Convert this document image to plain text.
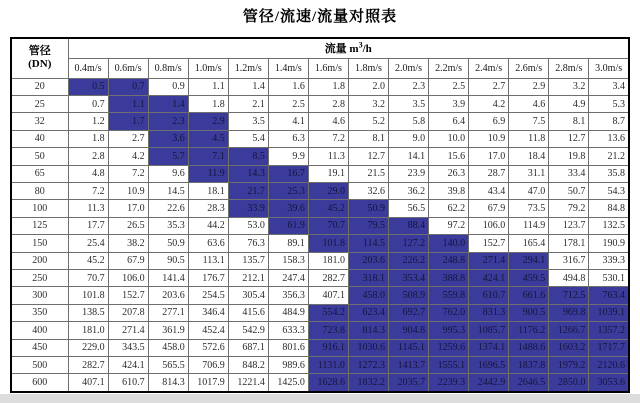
管径/流速/流量对照表
管径
(DN)	流量 $m^3/h$													
	0.4m/s	0.6m/s	0.8m/s	1.0m/s	1.2m/s	1.4m/s	1.6m/s	1.8m/s	2.0m/s	2.2m/s	2.4m/s	2.6m/s	2.8m/s	3.0m/s
20	0.5	0.7	0.9	1.1	1.4	1.6	1.8	2.0	2.3	2.5	2.7	2.9	3.2	3.4
25	0.7	1.1	1.4	1.8	2.1	2.5	2.8	3.2	3.5	3.9	4.2	4.6	4.9	5.3
32	1.2	1.7	2.3	2.9	3.5	4.1	4.6	5.2	5.8	6.4	6.9	7.5	8.1	8.7
40	1.8	2.7	3.6	4.5	5.4	6.3	7.2	8.1	9.0	10.0	10.9	11.8	12.7	13.6
50	2.8	4.2	5.7	7.1	8.5	9.9	11.3	12.7	14.1	15.6	17.0	18.4	19.8	21.2
65	4.8	7.2	9.6	11.9	14.3	16.7	19.1	21.5	23.9	26.3	28.7	31.1	33.4	35.8
80	7.2	10.9	14.5	18.1	21.7	25.3	29.0	32.6	36.2	39.8	43.4	47.0	50.7	54.3
100	11.3	17.0	22.6	28.3	33.9	39.6	45.2	50.9	56.5	62.2	67.9	73.5	79.2	84.8
125	17.7	26.5	35.3	44.2	53.0	61.9	70.7	79.5	88.4	97.2	106.0	114.9	123.7	132.5
150	25.4	38.2	50.9	63.6	76.3	89.1	101.8	114.5	127.2	140.0	152.7	165.4	178.1	190.9
200	45.2	67.9	90.5	113.1	135.7	158.3	181.0	203.6	226.2	248.8	271.4	294.1	316.7	339.3
250	70.7	106.0	141.4	176.7	212.1	247.4	282.7	318.1	353.4	388.8	424.1	459.5	494.8	530.1
300	101.8	152.7	203.6	254.5	305.4	356.3	407.1	458.0	508.9	559.8	610.7	661.6	712.5	763.4
350	138.5	207.8	277.1	346.4	415.6	484.9	554.2	623.4	692.7	762.0	831.3	900.5	969.8	1039.1
400	181.0	271.4	361.9	452.4	542.9	633.3	723.8	814.3	904.8	995.3	1085.7	1176.2	1266.7	1357.2
450	229.0	343.5	458.0	572.6	687.1	801.6	916.1	1030.6	1145.1	1259.6	1374.1	1488.6	1603.2	1717.7
500	282.7	424.1	565.5	706.9	848.2	989.6	1131.0	1272.3	1413.7	1555.1	1696.5	1837.8	1979.2	2120.6
600	407.1	610.7	814.3	1017.9	1221.4	1425.0	1628.6	1832.2	2035.7	2239.3	2442.9	2646.5	2850.0	3053.6
